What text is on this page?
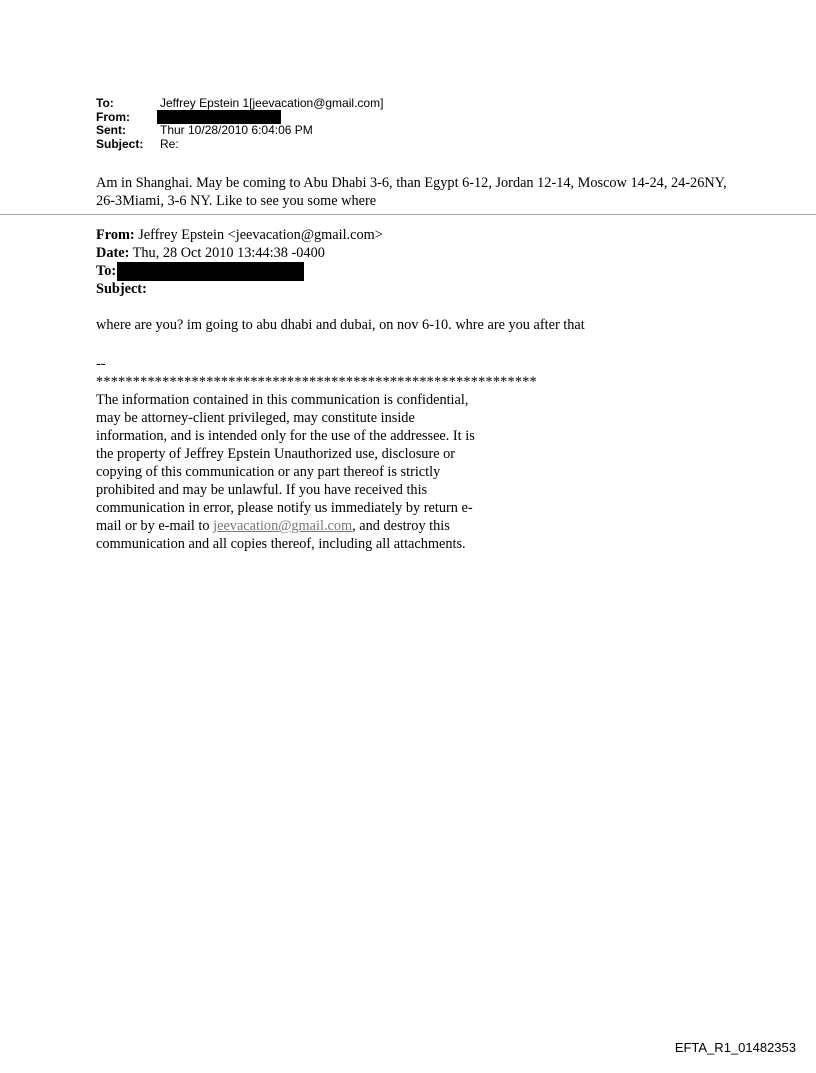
To:	Jeffrey Epstein 1[jeevacation@gmail.com]
From:
Sent:	Thur 10/28/2010 6:04:06 PM
Subject:	Re:
Am in Shanghai. May be coming to Abu Dhabi 3-6, than Egypt 6-12, Jordan 12-14, Moscow 14-24, 24-26NY, 26-3Miami, 3-6 NY. Like to see you some where
From: Jeffrey Epstein <jeevacation@gmail.com>
Date: Thu, 28 Oct 2010 13:44:38 -0400
To:
Subject:
where are you? im going to abu dhabi and dubai, on nov 6-10. whre are you after that
--
************************************************************
The information contained in this communication is confidential, may be attorney-client privileged, may constitute inside information, and is intended only for the use of the addressee. It is the property of Jeffrey Epstein Unauthorized use, disclosure or copying of this communication or any part thereof is strictly prohibited and may be unlawful. If you have received this communication in error, please notify us immediately by return e-mail or by e-mail to jeevacation@gmail.com, and destroy this communication and all copies thereof, including all attachments.
EFTA_R1_01482353
